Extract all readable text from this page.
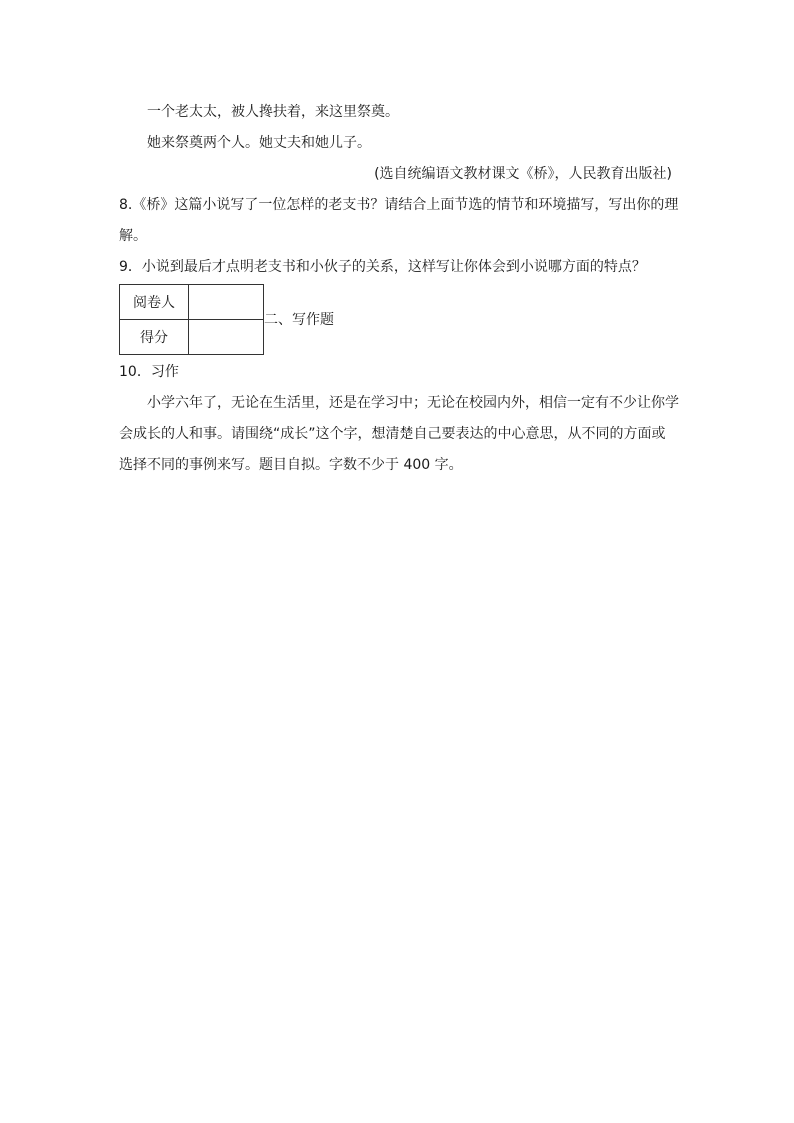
一个老太太，被人搀扶着，来这里祭奠。
她来祭奠两个人。她丈夫和她儿子。
(选自统编语文教材课文《桥》，人民教育出版社)
8.《桥》这篇小说写了一位怎样的老支书？请结合上面节选的情节和环境描写，写出你的理
解。
9．小说到最后才点明老支书和小伙子的关系，这样写让你体会到小说哪方面的特点？
阅卷人	
得分	
二、写作题
10．习作
小学六年了，无论在生活里，还是在学习中；无论在校园内外，相信一定有不少让你学
会成长的人和事。请围绕“成长”这个字，想清楚自己要表达的中心意思，从不同的方面或
选择不同的事例来写。题目自拟。字数不少于 400 字。
